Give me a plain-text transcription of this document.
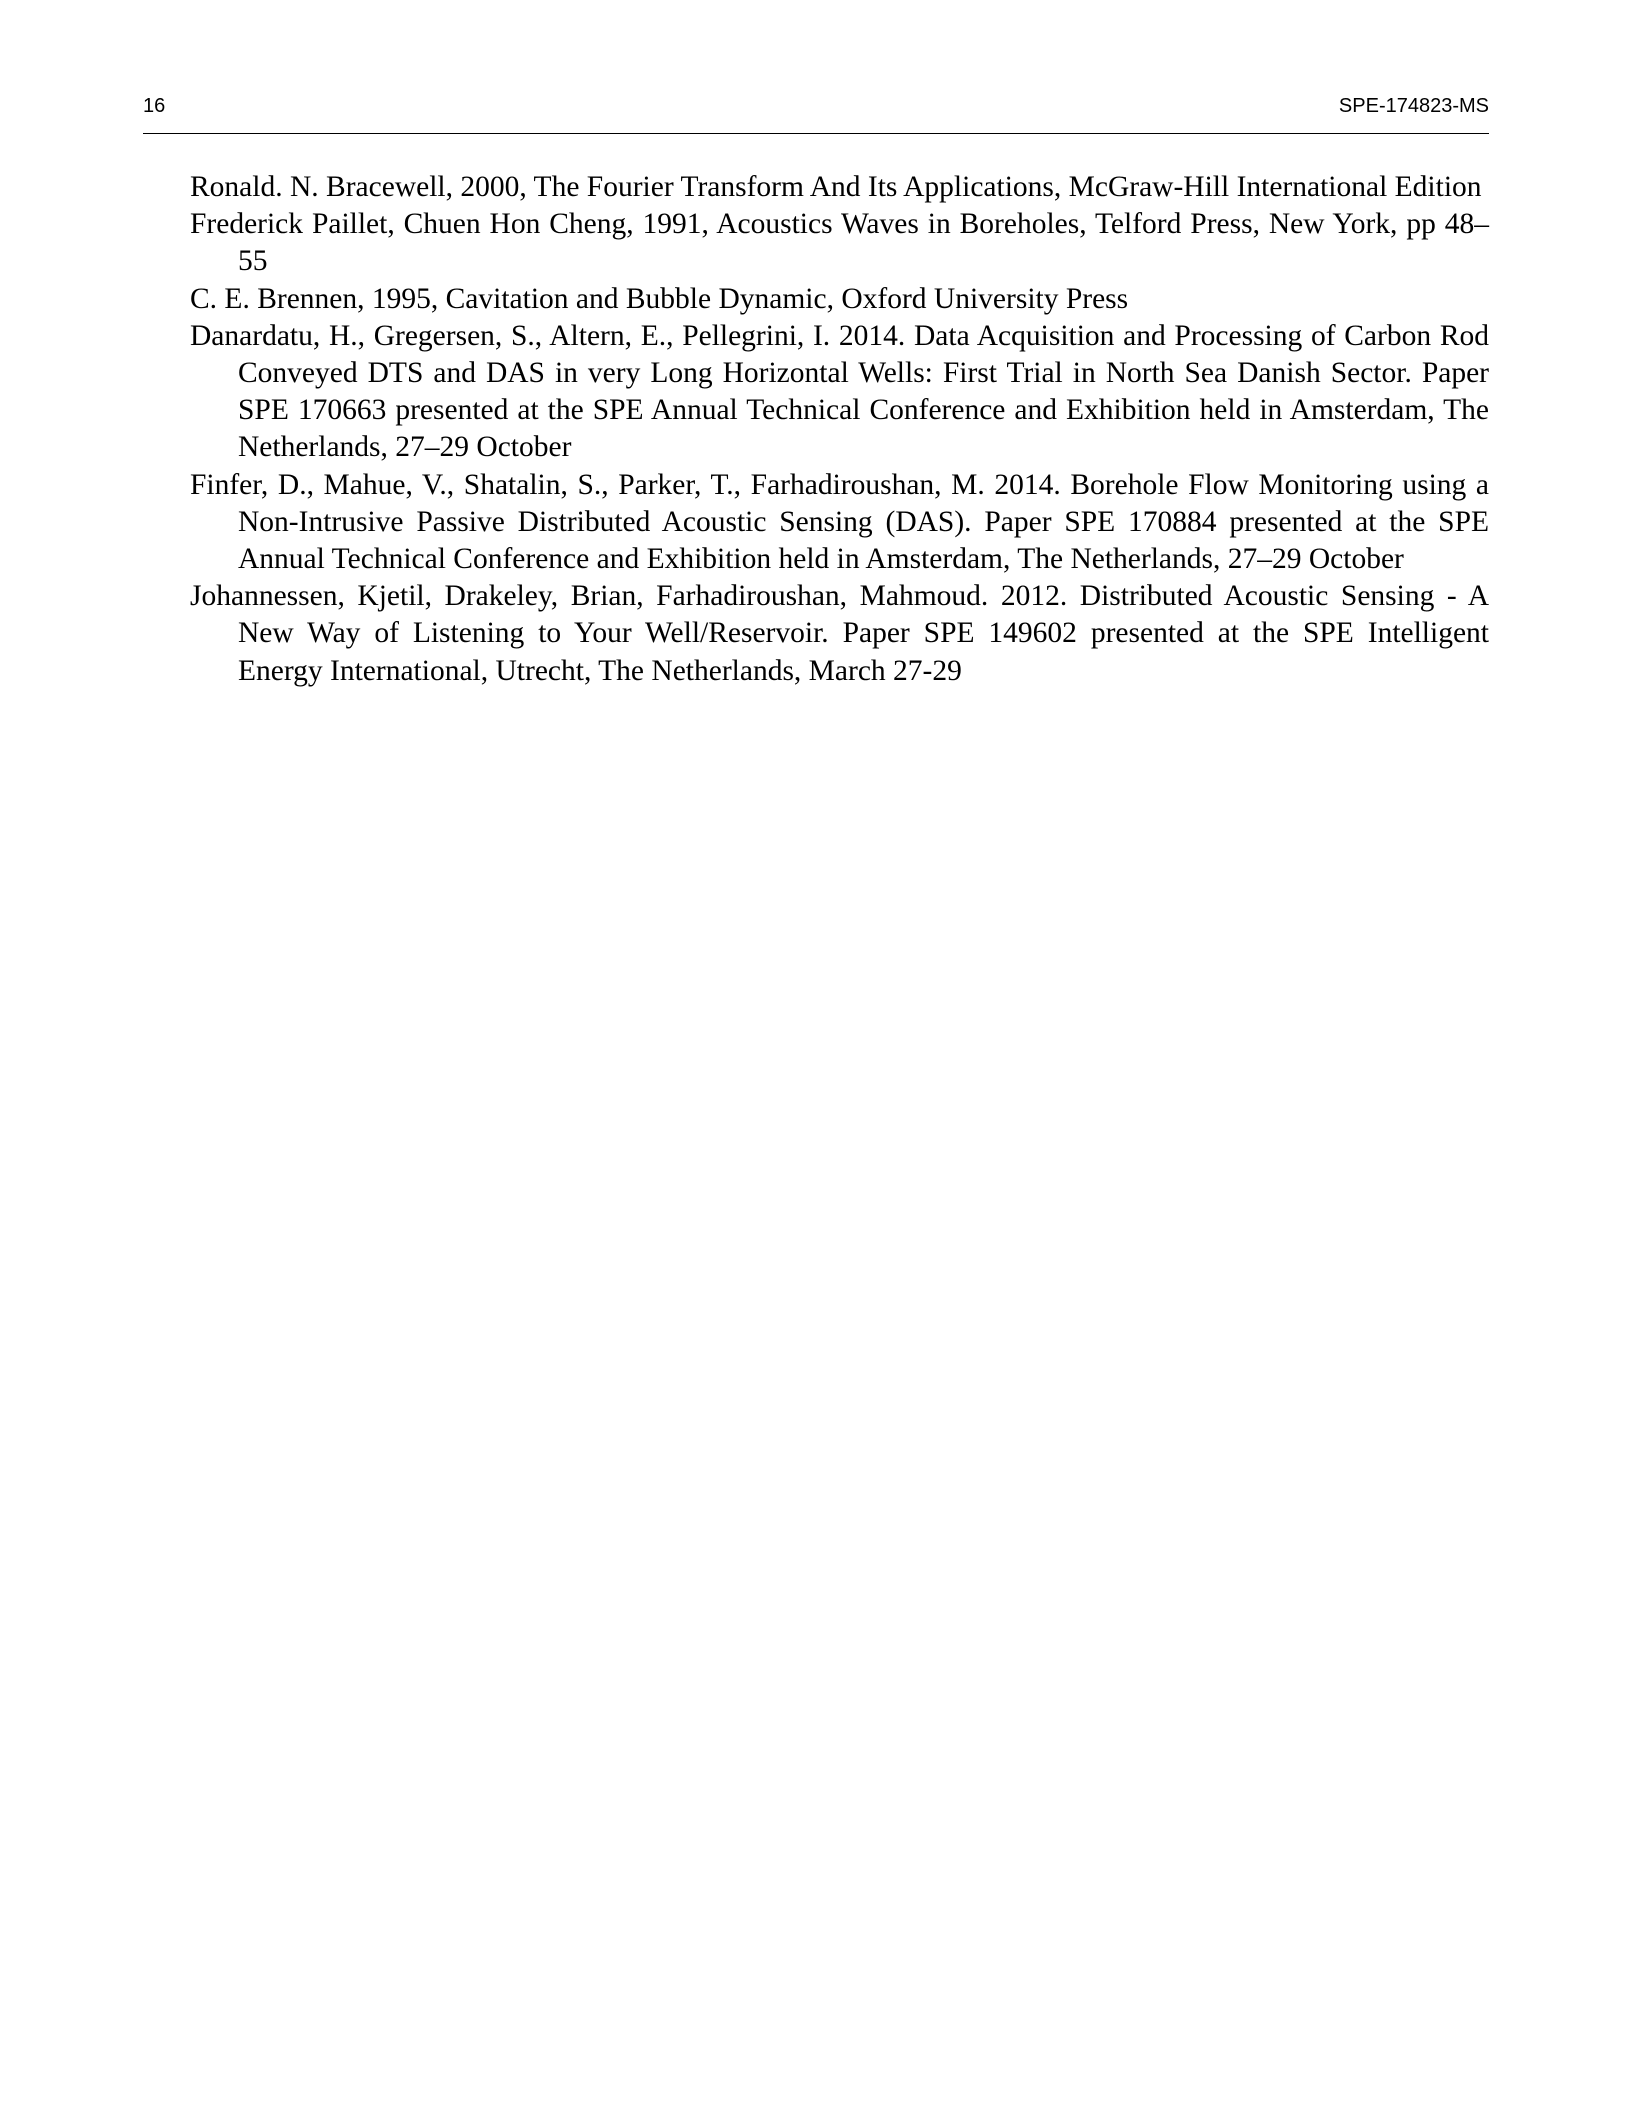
16	SPE-174823-MS
Ronald. N. Bracewell, 2000, The Fourier Transform And Its Applications, McGraw-Hill International Edition
Frederick Paillet, Chuen Hon Cheng, 1991, Acoustics Waves in Boreholes, Telford Press, New York, pp 48–55
C. E. Brennen, 1995, Cavitation and Bubble Dynamic, Oxford University Press
Danardatu, H., Gregersen, S., Altern, E., Pellegrini, I. 2014. Data Acquisition and Processing of Carbon Rod Conveyed DTS and DAS in very Long Horizontal Wells: First Trial in North Sea Danish Sector. Paper SPE 170663 presented at the SPE Annual Technical Conference and Exhibition held in Amsterdam, The Netherlands, 27–29 October
Finfer, D., Mahue, V., Shatalin, S., Parker, T., Farhadiroushan, M. 2014. Borehole Flow Monitoring using a Non-Intrusive Passive Distributed Acoustic Sensing (DAS). Paper SPE 170884 presented at the SPE Annual Technical Conference and Exhibition held in Amsterdam, The Netherlands, 27–29 October
Johannessen, Kjetil, Drakeley, Brian, Farhadiroushan, Mahmoud. 2012. Distributed Acoustic Sensing - A New Way of Listening to Your Well/Reservoir. Paper SPE 149602 presented at the SPE Intelligent Energy International, Utrecht, The Netherlands, March 27-29
